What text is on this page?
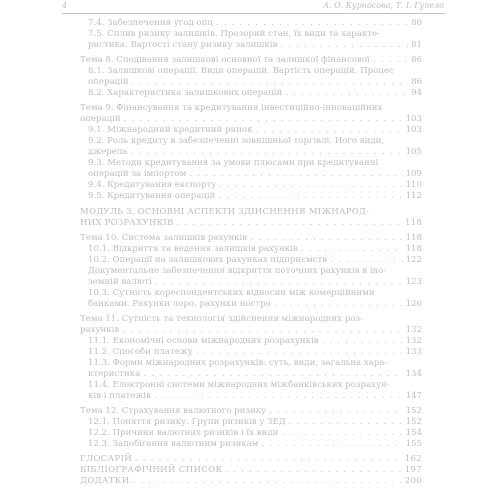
4	А. О. Курносова, Т. І. Гупело
7.4. Забезпечення угод опц . . .	80
7.5. Сплив ризику залишків. Прозорий стан, їх види та характе-
ристика. Вартості стану ризику залишків . . .	81
Тема 8. Сподівання залишкові основної та залишкої фінансової . . .	86
8.1. Залишкові операції. Види операцій. Вартість операцій. Процес
операцій . . .	86
8.2. Характеристика залишкових операцій . . .	94
Тема 9. Фінансування та кредитування інвестиційно-інноваційних
операцій . . .	103
9.1. Міжнародний кредитний ринок . . .	103
9.2. Роль кредиту в забезпеченні зовнішньої торгівлі. Його види,
джерела . . .	105
9.3. Методи кредитування за умови плюсами при кредитуванні
операцій за імпортом . . .	109
9.4. Кредитування експорту . . .	110
9.5. Кредитування операцій . . .	112
МОДУЛЬ 3. ОСНОВНІ АСПЕКТИ ЗДІЙСНЕННЯ МІЖНАРОД-
НИХ РОЗРАХУНКІВ . . .	118
Тема 10. Система залишків рахунків . . .	118
10.1. Відкриття та ведення залишків рахунків . . .	118
10.2. Операції на залишкових рахунках підприємств . . .	122
Документальне забезпечення відкриття поточних рахунків в іно-
земній валюті . . .	123
10.3. Сутність кореспондентських відносин між комерційними
банками. Рахунки лоро, рахунки ностро . . .	126
Тема 11. Сутність та технологія здійснення міжнародних роз-
рахунків . . .	132
11.1. Економічні основи міжнародних розрахунків . . .	132
11.2. Способи платежу . . .	133
11.3. Форми міжнародних розрахунків: суть, види, загальна хара-
ктеристика . . .	134
11.4. Електронні системи міжнародних міжбанківських розрахун-
ків і платежів . . .	147
Тема 12. Страхування валютного ризику . . .	152
12.1. Поняття ризику. Групи ризиків у ЗЕД . . .	152
12.2. Причини валютних ризиків і їх види . . .	154
12.3. Запобігання валютним ризикам . . .	155
ГЛОСАРІЙ . . .	162
БІБЛІОГРАФІЧНИЙ СПИСОК . . .	197
ДОДАТКИ . . .	200
